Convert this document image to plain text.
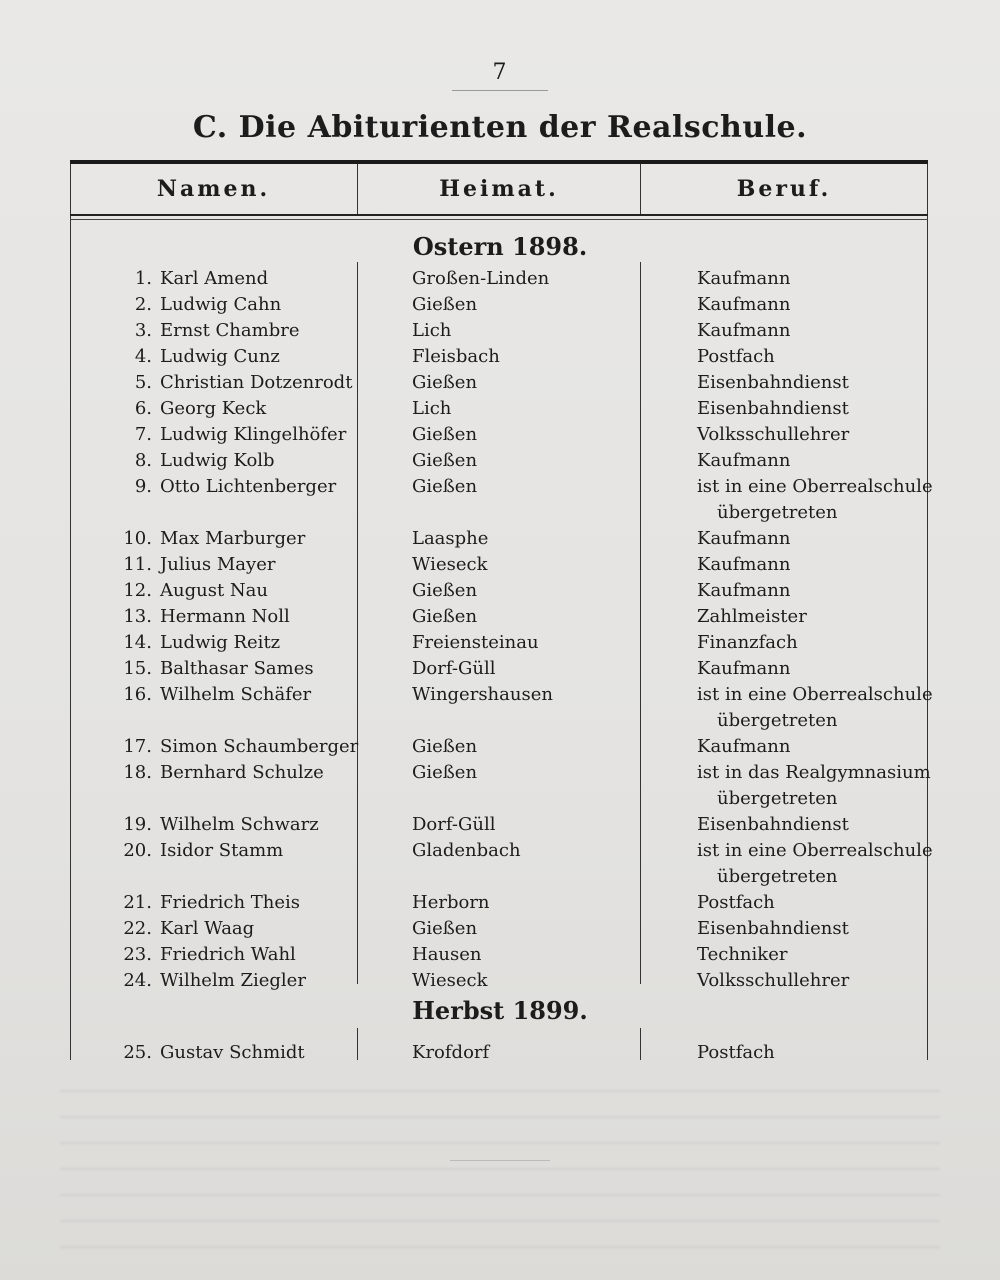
7
C. Die Abiturienten der Realschule.
Namen.	Heimat.	Beruf.
Ostern 1898.
Herbst 1899.
1. Karl Amend	Großen-Linden	Kaufmann
2. Ludwig Cahn	Gießen	Kaufmann
3. Ernst Chambre	Lich	Kaufmann
4. Ludwig Cunz	Fleisbach	Postfach
5. Christian Dotzenrodt	Gießen	Eisenbahndienst
6. Georg Keck	Lich	Eisenbahndienst
7. Ludwig Klingelhöfer	Gießen	Volksschullehrer
8. Ludwig Kolb	Gießen	Kaufmann
9. Otto Lichtenberger	Gießen	ist in eine Oberrealschule
übergetreten
10. Max Marburger	Laasphe	Kaufmann
11. Julius Mayer	Wieseck	Kaufmann
12. August Nau	Gießen	Kaufmann
13. Hermann Noll	Gießen	Zahlmeister
14. Ludwig Reitz	Freiensteinau	Finanzfach
15. Balthasar Sames	Dorf-Güll	Kaufmann
16. Wilhelm Schäfer	Wingershausen	ist in eine Oberrealschule
übergetreten
17. Simon Schaumberger	Gießen	Kaufmann
18. Bernhard Schulze	Gießen	ist in das Realgymnasium
übergetreten
19. Wilhelm Schwarz	Dorf-Güll	Eisenbahndienst
20. Isidor Stamm	Gladenbach	ist in eine Oberrealschule
übergetreten
21. Friedrich Theis	Herborn	Postfach
22. Karl Waag	Gießen	Eisenbahndienst
23. Friedrich Wahl	Hausen	Techniker
24. Wilhelm Ziegler	Wieseck	Volksschullehrer
25. Gustav Schmidt	Krofdorf	Postfach
